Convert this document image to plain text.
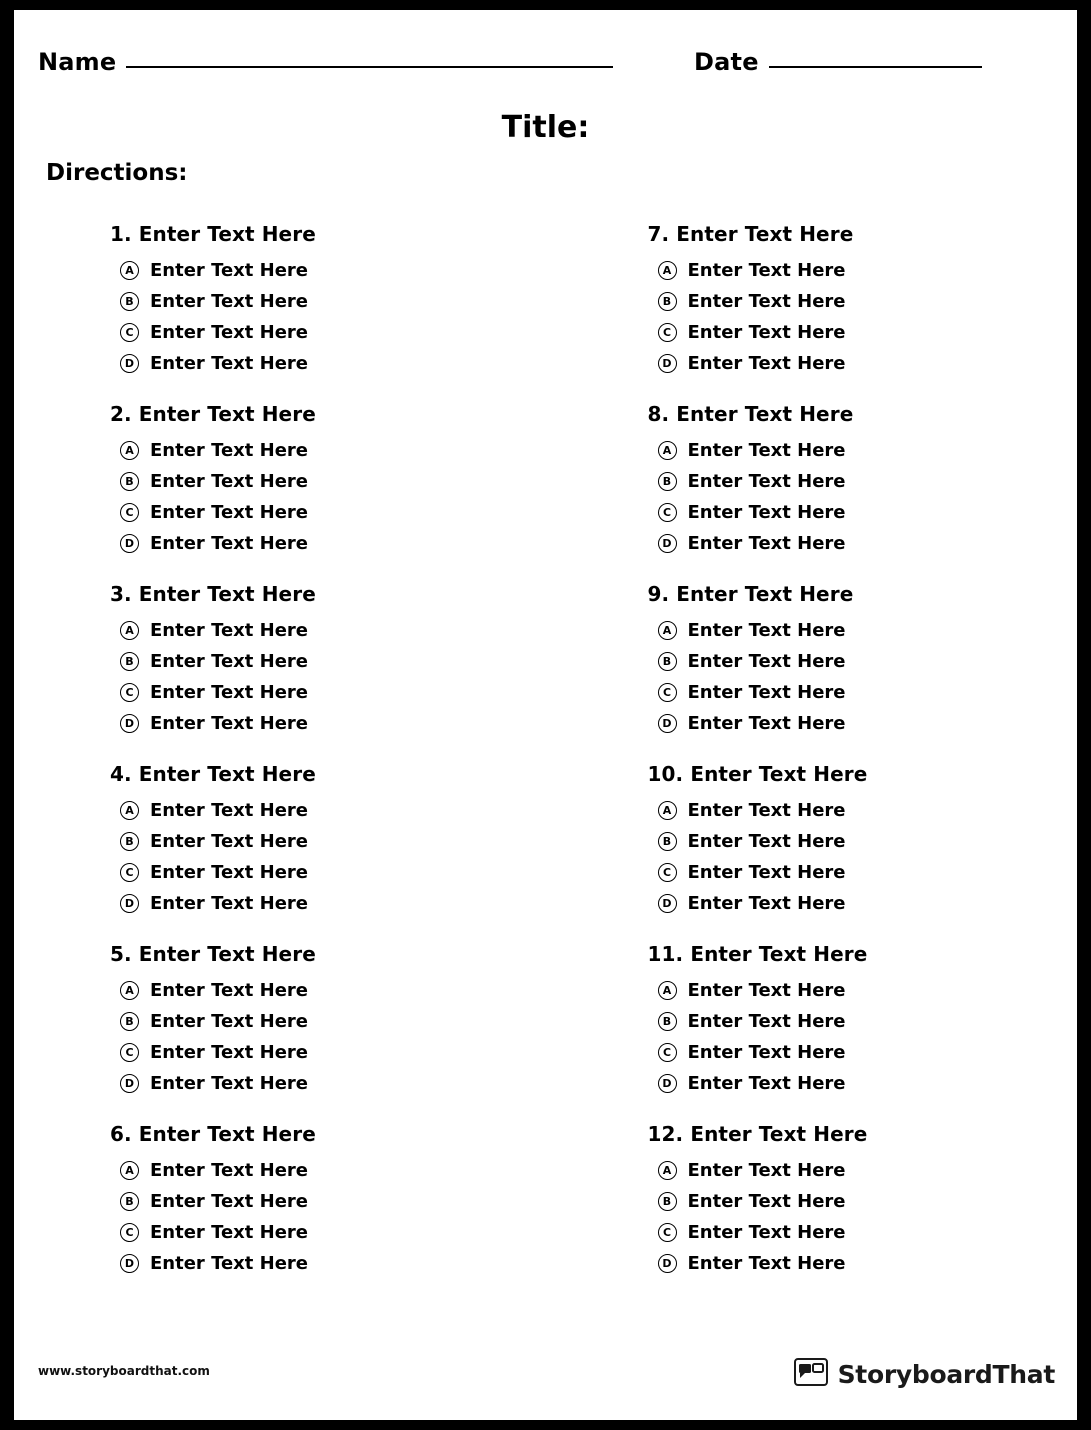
Name	Date
Title:
Directions:
1. Enter Text Here
A Enter Text Here
B Enter Text Here
C Enter Text Here
D Enter Text Here
2. Enter Text Here
A Enter Text Here
B Enter Text Here
C Enter Text Here
D Enter Text Here
3. Enter Text Here
A Enter Text Here
B Enter Text Here
C Enter Text Here
D Enter Text Here
4. Enter Text Here
A Enter Text Here
B Enter Text Here
C Enter Text Here
D Enter Text Here
5. Enter Text Here
A Enter Text Here
B Enter Text Here
C Enter Text Here
D Enter Text Here
6. Enter Text Here
A Enter Text Here
B Enter Text Here
C Enter Text Here
D Enter Text Here
7. Enter Text Here
A Enter Text Here
B Enter Text Here
C Enter Text Here
D Enter Text Here
8. Enter Text Here
A Enter Text Here
B Enter Text Here
C Enter Text Here
D Enter Text Here
9. Enter Text Here
A Enter Text Here
B Enter Text Here
C Enter Text Here
D Enter Text Here
10. Enter Text Here
A Enter Text Here
B Enter Text Here
C Enter Text Here
D Enter Text Here
11. Enter Text Here
A Enter Text Here
B Enter Text Here
C Enter Text Here
D Enter Text Here
12. Enter Text Here
A Enter Text Here
B Enter Text Here
C Enter Text Here
D Enter Text Here
www.storyboardthat.com	StoryboardThat
